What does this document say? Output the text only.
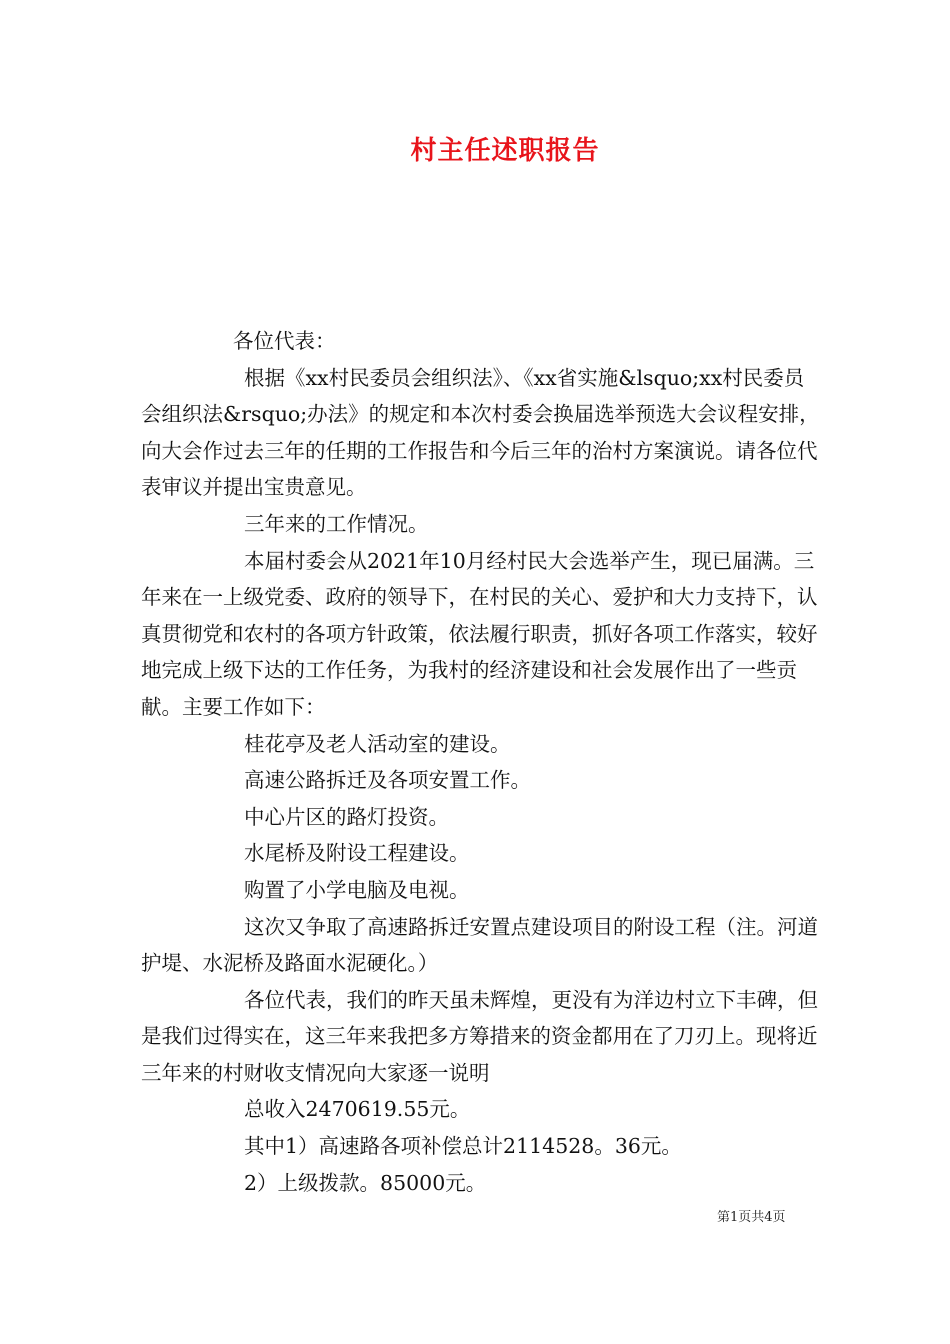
村主任述职报告

各位代表：

根据《xx村民委员会组织法》、《xx省实施&lsquo;xx村民委员会组织法&rsquo;办法》的规定和本次村委会换届选举预选大会议程安排，向大会作过去三年的任期的工作报告和今后三年的治村方案演说。请各位代表审议并提出宝贵意见。

三年来的工作情况。

本届村委会从2021年10月经村民大会选举产生，现已届满。三年来在一上级党委、政府的领导下，在村民的关心、爱护和大力支持下，认真贯彻党和农村的各项方针政策，依法履行职责，抓好各项工作落实，较好地完成上级下达的工作任务，为我村的经济建设和社会发展作出了一些贡献。主要工作如下：

桂花亭及老人活动室的建设。

高速公路拆迁及各项安置工作。

中心片区的路灯投资。

水尾桥及附设工程建设。

购置了小学电脑及电视。

这次又争取了高速路拆迁安置点建设项目的附设工程（注。河道护堤、水泥桥及路面水泥硬化。）

各位代表，我们的昨天虽未辉煌，更没有为洋边村立下丰碑，但是我们过得实在，这三年来我把多方筹措来的资金都用在了刀刃上。现将近三年来的村财收支情况向大家逐一说明

总收入2470619.55元。

其中1）高速路各项补偿总计2114528。36元。

2）上级拨款。85000元。

第1页共4页
